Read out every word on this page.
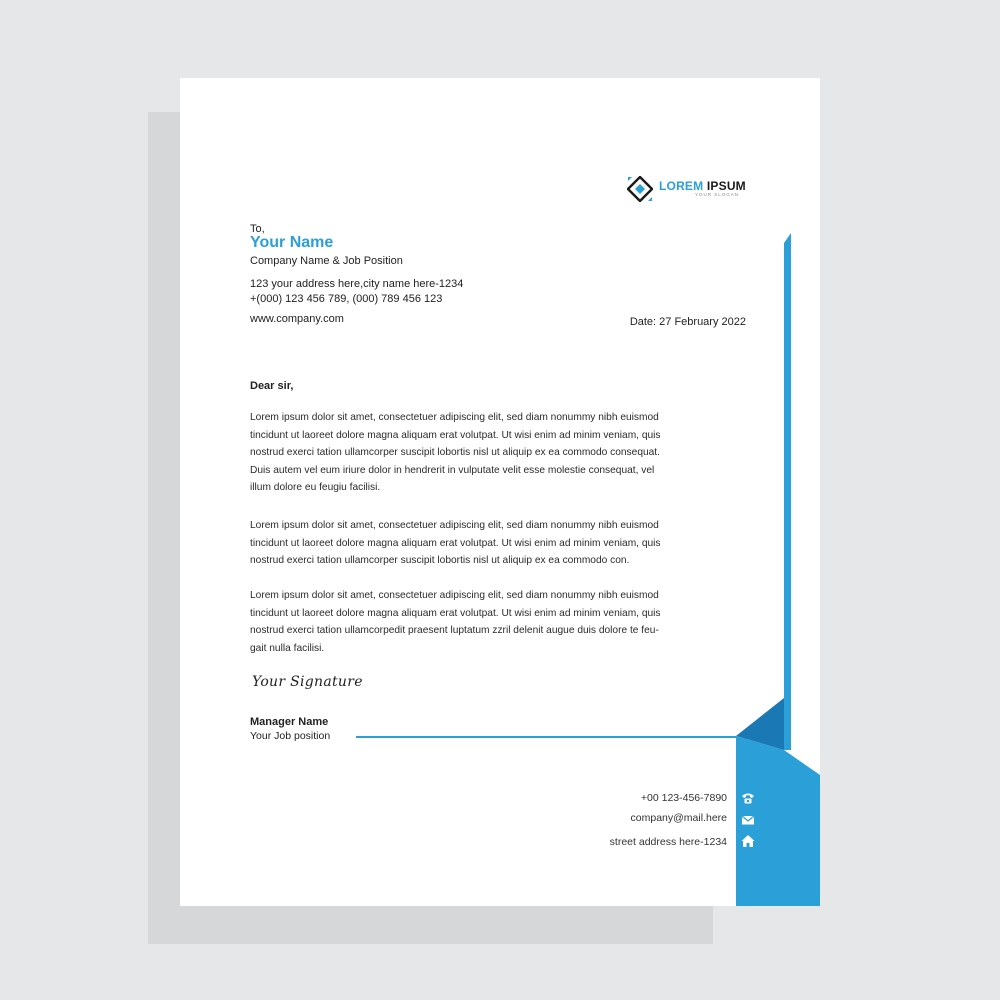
LOREM IPSUM
YOUR SLOGAN
To,
Your Name
Company Name & Job Position
123 your address here,city name here-1234
+(000) 123 456 789, (000) 789 456 123
www.company.com	Date: 27 February 2022
Dear sir,
Lorem ipsum dolor sit amet, consectetuer adipiscing elit, sed diam nonummy nibh euismod
tincidunt ut laoreet dolore magna aliquam erat volutpat. Ut wisi enim ad minim veniam, quis
nostrud exerci tation ullamcorper suscipit lobortis nisl ut aliquip ex ea commodo consequat.
Duis autem vel eum iriure dolor in hendrerit in vulputate velit esse molestie consequat, vel
illum dolore eu feugiu facilisi.
Lorem ipsum dolor sit amet, consectetuer adipiscing elit, sed diam nonummy nibh euismod
tincidunt ut laoreet dolore magna aliquam erat volutpat. Ut wisi enim ad minim veniam, quis
nostrud exerci tation ullamcorper suscipit lobortis nisl ut aliquip ex ea commodo con.
Lorem ipsum dolor sit amet, consectetuer adipiscing elit, sed diam nonummy nibh euismod
tincidunt ut laoreet dolore magna aliquam erat volutpat. Ut wisi enim ad minim veniam, quis
nostrud exerci tation ullamcorpedit praesent luptatum zzril delenit augue duis dolore te feu-
gait nulla facilisi.
Your Signature
Manager Name
Your Job position
+00 123-456-7890
company@mail.here
street address here-1234
